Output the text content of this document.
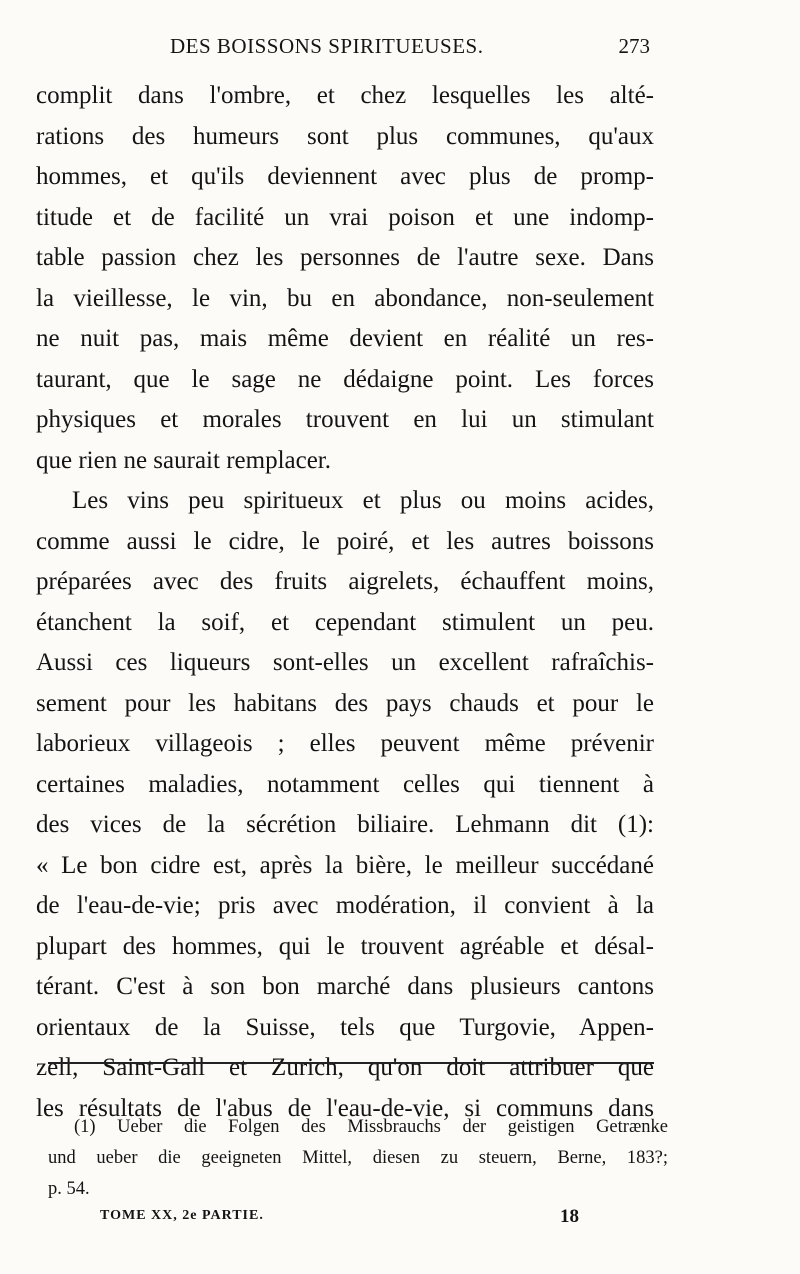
DES BOISSONS SPIRITUEUSES.	273
complit dans l'ombre, et chez lesquelles les alté-
rations des humeurs sont plus communes, qu'aux
hommes, et qu'ils deviennent avec plus de promp-
titude et de facilité un vrai poison et une indomp-
table passion chez les personnes de l'autre sexe. Dans
la vieillesse, le vin, bu en abondance, non-seulement
ne nuit pas, mais même devient en réalité un res-
taurant, que le sage ne dédaigne point. Les forces
physiques et morales trouvent en lui un stimulant
que rien ne saurait remplacer.
Les vins peu spiritueux et plus ou moins acides,
comme aussi le cidre, le poiré, et les autres boissons
préparées avec des fruits aigrelets, échauffent moins,
étanchent la soif, et cependant stimulent un peu.
Aussi ces liqueurs sont-elles un excellent rafraîchis-
sement pour les habitans des pays chauds et pour le
laborieux villageois ; elles peuvent même prévenir
certaines maladies, notamment celles qui tiennent à
des vices de la sécrétion biliaire. Lehmann dit (1):
« Le bon cidre est, après la bière, le meilleur succédané
de l'eau-de-vie; pris avec modération, il convient à la
plupart des hommes, qui le trouvent agréable et désal-
térant. C'est à son bon marché dans plusieurs cantons
orientaux de la Suisse, tels que Turgovie, Appen-
zell, Saint-Gall et Zurich, qu'on doit attribuer que
les résultats de l'abus de l'eau-de-vie, si communs dans
(1) Ueber die Folgen des Missbrauchs der geistigen Getrænke
und ueber die geeigneten Mittel, diesen zu steuern, Berne, 183?;
p. 54.
TOME XX, 2e PARTIE.	18
